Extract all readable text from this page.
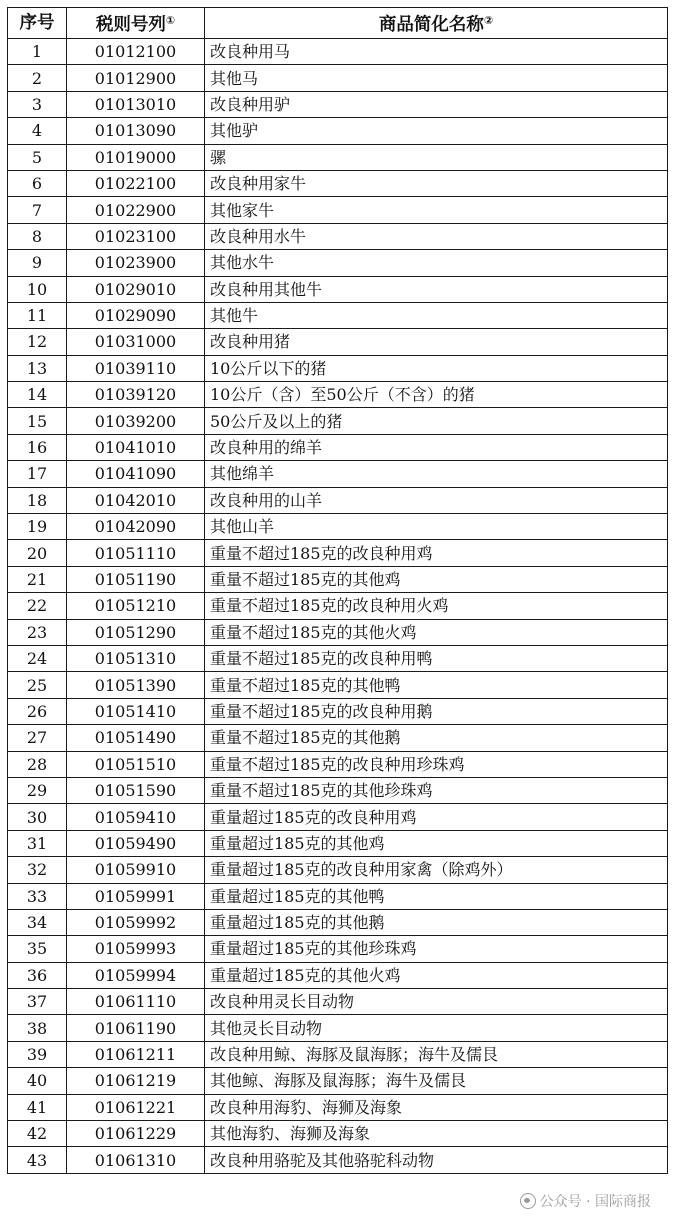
序号	税则号列①	商品简化名称②
1	01012100	改良种用马
2	01012900	其他马
3	01013010	改良种用驴
4	01013090	其他驴
5	01019000	骡
6	01022100	改良种用家牛
7	01022900	其他家牛
8	01023100	改良种用水牛
9	01023900	其他水牛
10	01029010	改良种用其他牛
11	01029090	其他牛
12	01031000	改良种用猪
13	01039110	10公斤以下的猪
14	01039120	10公斤（含）至50公斤（不含）的猪
15	01039200	50公斤及以上的猪
16	01041010	改良种用的绵羊
17	01041090	其他绵羊
18	01042010	改良种用的山羊
19	01042090	其他山羊
20	01051110	重量不超过185克的改良种用鸡
21	01051190	重量不超过185克的其他鸡
22	01051210	重量不超过185克的改良种用火鸡
23	01051290	重量不超过185克的其他火鸡
24	01051310	重量不超过185克的改良种用鸭
25	01051390	重量不超过185克的其他鸭
26	01051410	重量不超过185克的改良种用鹅
27	01051490	重量不超过185克的其他鹅
28	01051510	重量不超过185克的改良种用珍珠鸡
29	01051590	重量不超过185克的其他珍珠鸡
30	01059410	重量超过185克的改良种用鸡
31	01059490	重量超过185克的其他鸡
32	01059910	重量超过185克的改良种用家禽（除鸡外）
33	01059991	重量超过185克的其他鸭
34	01059992	重量超过185克的其他鹅
35	01059993	重量超过185克的其他珍珠鸡
36	01059994	重量超过185克的其他火鸡
37	01061110	改良种用灵长目动物
38	01061190	其他灵长目动物
39	01061211	改良种用鲸、海豚及鼠海豚；海牛及儒艮
40	01061219	其他鲸、海豚及鼠海豚；海牛及儒艮
41	01061221	改良种用海豹、海狮及海象
42	01061229	其他海豹、海狮及海象
43	01061310	改良种用骆驼及其他骆驼科动物
公众号 · 国际商报
